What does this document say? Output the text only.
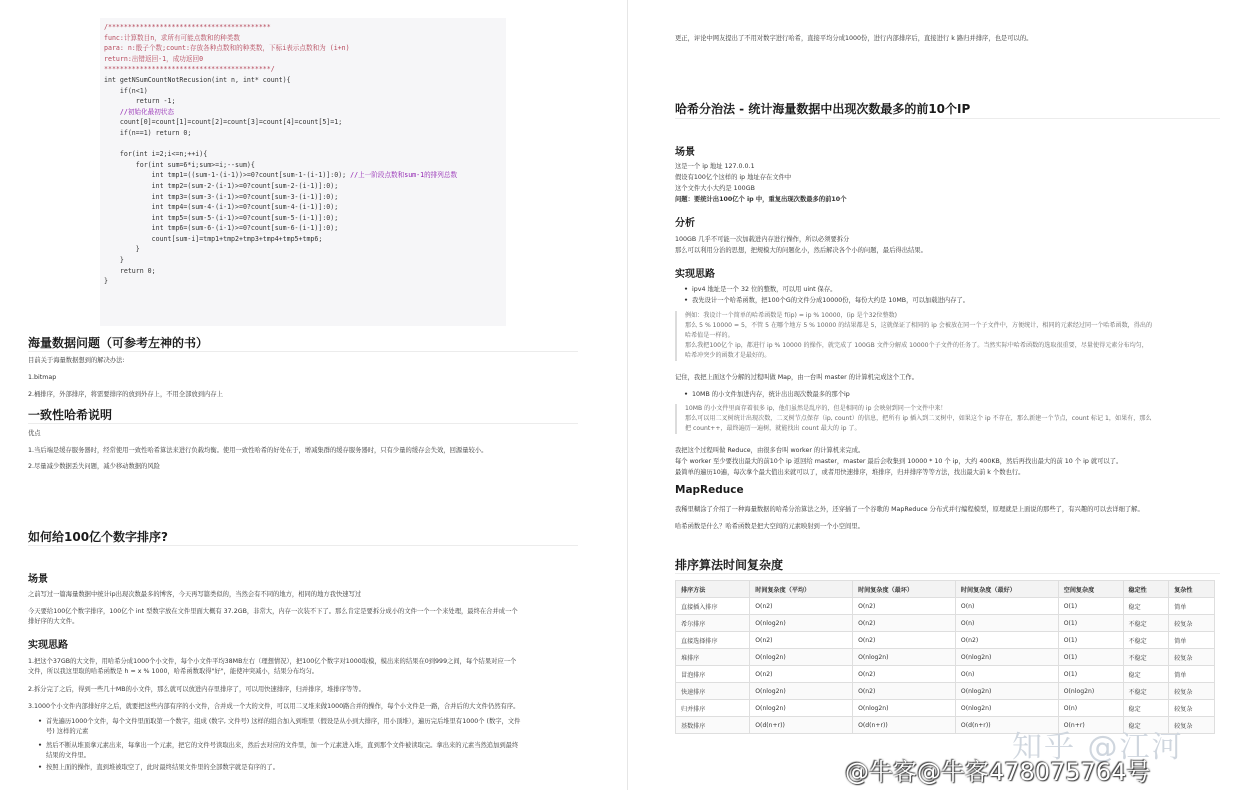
/*****************************************
func:计算数目n，求所有可能点数和的种类数
para: n:骰子个数;count:存放各种点数和的种类数，下标i表示点数和为 (i+n)
return:出错返回-1，成功返回0
******************************************/
int getNSumCountNotRecusion(int n, int* count){
if(n<1)
return -1;
//初始化最初状态
count[0]=count[1]=count[2]=count[3]=count[4]=count[5]=1;
if(n==1) return 0;

for(int i=2;i<=n;++i){
for(int sum=6*i;sum>=i;--sum){
int tmp1=((sum-1-(i-1))>=0?count[sum-1-(i-1)]:0); //上一阶段点数和sum-1的排列总数
int tmp2=(sum-2-(i-1)>=0?count[sum-2-(i-1)]:0);
int tmp3=(sum-3-(i-1)>=0?count[sum-3-(i-1)]:0);
int tmp4=(sum-4-(i-1)>=0?count[sum-4-(i-1)]:0);
int tmp5=(sum-5-(i-1)>=0?count[sum-5-(i-1)]:0);
int tmp6=(sum-6-(i-1)>=0?count[sum-6-(i-1)]:0);
count[sum-i]=tmp1+tmp2+tmp3+tmp4+tmp5+tmp6;
}
}
return 0;
}
海量数据问题（可参考左神的书）
目前关于海量数据想到的解决办法:
1.bitmap
2.桶排序，外部排序，将需要排序的放到外存上，不用全部放到内存上
一致性哈希说明
优点
1.当后端是缓存服务器时，经常使用一致性哈希算法来进行负载均衡。使用一致性哈希的好处在于，增减集群的缓存服务器时，只有少量的缓存会失效，回源量较小。
2.尽量减少数据丢失问题，减少移动数据的风险
如何给100亿个数字排序?
场景
之前写过一篇海量数据中统计ip出现次数最多的博客，今天再写篇类似的，当然会有不同的地方，相同的地方我快速写过
今天要给100亿个数字排序，100亿个 int 型数字放在文件里面大概有 37.2GB，非常大，内存一次装不下了。那么肯定是要拆分成小的文件一个一个来处理，最终在合并成一个
排好序的大文件。
实现思路
1.把这个37GB的大文件，用哈希分成1000个小文件，每个小文件平均38MB左右（理想情况），把100亿个数字对1000取模，模出来的结果在0到999之间，每个结果对应一个
文件，所以我这里取的哈希函数是 h = x % 1000，哈希函数取得"好"，能使冲突减小，结果分布均匀。
2.拆分完了之后，得到一些几十MB的小文件，那么就可以放进内存里排序了，可以用快速排序，归并排序，堆排序等等。
3.1000个小文件内部排好序之后，就要把这些内部有序的小文件，合并成一个大的文件，可以用二叉堆来做1000路合并的操作，每个小文件是一路，合并后的大文件仍然有序。
• 首先遍历1000个文件，每个文件里面取第一个数字，组成 (数字, 文件号) 这样的组合加入到堆里（假设是从小到大排序，用小顶堆），遍历完后堆里有1000个 (数字，文件
号) 这样的元素
• 然后不断从堆顶拿元素出来，每拿出一个元素，把它的文件号读取出来，然后去对应的文件里，加一个元素进入堆，直到那个文件被读取完。拿出来的元素当然追加到最终
结果的文件里。
• 按照上面的操作，直到堆被取空了，此时最终结果文件里的全部数字就是有序的了。
更正，评论中网友提出了不用对数字进行哈希，直接平均分成1000份，进行内部排序后，直接进行 k 路归并排序，也是可以的。
哈希分治法 - 统计海量数据中出现次数最多的前10个IP
场景
这是一个 ip 地址 127.0.0.1
假设有100亿个这样的 ip 地址存在文件中
这个文件大小大约是 100GB
问题：要统计出100亿个 ip 中，重复出现次数最多的前10个
分析
100GB 几乎不可能一次加载进内存进行操作，所以必须要拆分
那么可以利用分治的思想，把规模大的问题化小，然后解决各个小的问题，最后得出结果。
实现思路
• ipv4 地址是一个 32 位的整数，可以用 uint 保存。
• 我先设计一个哈希函数，把100个G的文件分成10000份，每份大约是 10MB，可以加载进内存了。
例如：我设计一个简单的哈希函数是 f(ip) = ip % 10000，(ip 是个32位整数)
那么 5 % 10000 = 5，不管 5 在哪个地方 5 % 10000 的结果都是 5，这就保证了相同的 ip 会被放在同一个子文件中，方便统计，相同的元素经过同一个哈希函数，得出的
哈希值是一样的。
那么我把100亿个 ip，都进行 ip % 10000 的操作，就完成了 100GB 文件分解成 10000个子文件的任务了。当然实际中哈希函数的选取很重要，尽量使得元素分布均匀，
哈希冲突少的函数才是最好的。
记住，我把上面这个分解的过程叫做 Map，由一台叫 master 的计算机完成这个工作。
• 10MB 的小文件加进内存，统计出出现次数最多的那个ip
10MB 的小文件里面存着很多 ip，他们虽然是乱序的，但是相同的 ip 会映射到同一个文件中来！
那么可以用二叉树统计出现次数，二叉树节点保存（ip, count）的信息，把所有 ip 插入到二叉树中，如果这个 ip 不存在，那么新建一个节点，count 标记 1，如果有，那么
把 count++，最终遍历一遍树，就能找出 count 最大的 ip 了。
我把这个过程叫做 Reduce，由很多台叫 worker 的计算机来完成。
每个 worker 至少要找出最大的前10个 ip 返回给 master，master 最后会收集到 10000 * 10 个 ip，大约 400KB，然后再找出最大的前 10 个 ip 就可以了。
最简单的遍历10遍，每次拿个最大值出来就可以了，或者用快速排序，堆排序，归并排序等等方法，找出最大前 k 个数也行。
MapReduce
我稀里糊涂了介绍了一种海量数据的哈希分治算法之外，还穿插了一个谷歌的 MapReduce 分布式并行编程模型，原理就是上面说的那些了，有兴趣的可以去详细了解。
哈希函数是什么？哈希函数是把大空间的元素映射到一个小空间里。
排序算法时间复杂度
排序方法	时间复杂度（平均）	时间复杂度（最坏）	时间复杂度（最好）	空间复杂度	稳定性	复杂性
直接插入排序	O(n2)	O(n2)	O(n)	O(1)	稳定	简单
希尔排序	O(nlog2n)	O(n2)	O(n)	O(1)	不稳定	较复杂
直接选择排序	O(n2)	O(n2)	O(n2)	O(1)	不稳定	简单
堆排序	O(nlog2n)	O(nlog2n)	O(nlog2n)	O(1)	不稳定	较复杂
冒泡排序	O(n2)	O(n2)	O(n)	O(1)	稳定	简单
快速排序	O(nlog2n)	O(n2)	O(nlog2n)	O(nlog2n)	不稳定	较复杂
归并排序	O(nlog2n)	O(nlog2n)	O(nlog2n)	O(n)	稳定	较复杂
基数排序	O(d(n+r))	O(d(n+r))	O(d(n+r))	O(n+r)	稳定	较复杂
知乎 @江河
@牛客@牛客478075764号
